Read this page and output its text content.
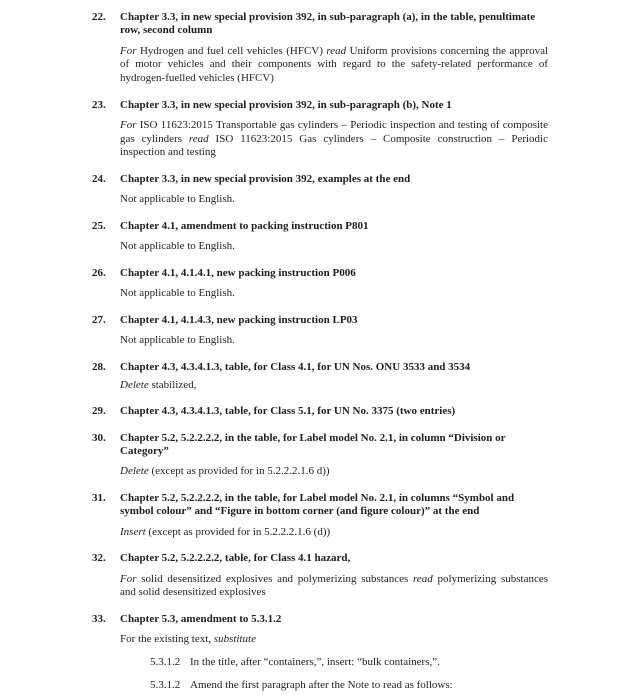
22.	Chapter 3.3, in new special provision 392, in sub-paragraph (a), in the table, penultimate row, second column
For Hydrogen and fuel cell vehicles (HFCV) read Uniform provisions concerning the approval of motor vehicles and their components with regard to the safety-related performance of hydrogen-fuelled vehicles (HFCV)
23.	Chapter 3.3, in new special provision 392, in sub-paragraph (b), Note 1
For ISO 11623:2015 Transportable gas cylinders – Periodic inspection and testing of composite gas cylinders read ISO 11623:2015 Gas cylinders – Composite construction – Periodic inspection and testing
24.	Chapter 3.3, in new special provision 392, examples at the end
Not applicable to English.
25.	Chapter 4.1, amendment to packing instruction P801
Not applicable to English.
26.	Chapter 4.1, 4.1.4.1, new packing instruction P006
Not applicable to English.
27.	Chapter 4.1, 4.1.4.3, new packing instruction LP03
Not applicable to English.
28.	Chapter 4.3, 4.3.4.1.3, table, for Class 4.1, for UN Nos. ONU 3533 and 3534
Delete stabilized,
29.	Chapter 4.3, 4.3.4.1.3, table, for Class 5.1, for UN No. 3375 (two entries)
30.	Chapter 5.2, 5.2.2.2.2, in the table, for Label model No. 2.1, in column “Division or Category”
Delete (except as provided for in 5.2.2.2.1.6 d))
31.	Chapter 5.2, 5.2.2.2.2, in the table, for Label model No. 2.1, in columns “Symbol and symbol colour” and “Figure in bottom corner (and figure colour)” at the end
Insert (except as provided for in 5.2.2.2.1.6 (d))
32.	Chapter 5.2, 5.2.2.2.2, table, for Class 4.1 hazard,
For solid desensitized explosives and polymerizing substances read polymerizing substances and solid desensitized explosives
33.	Chapter 5.3, amendment to 5.3.1.2
For the existing text, substitute
5.3.1.2 In the title, after “containers,”, insert: “bulk containers,”.
5.3.1.2 Amend the first paragraph after the Note to read as follows:
